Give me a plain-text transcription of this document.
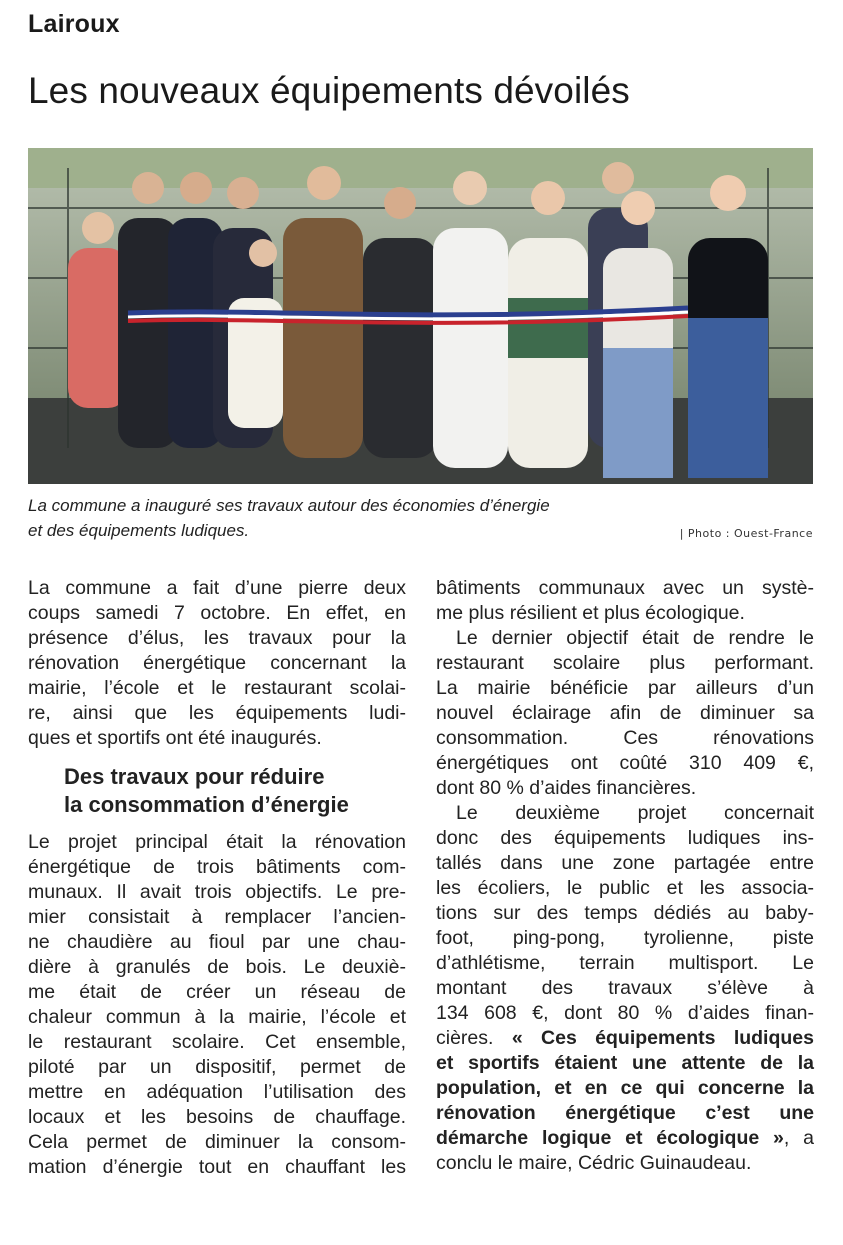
Lairoux
Les nouveaux équipements dévoilés
La commune a inauguré ses travaux autour des économies d’énergie
et des équipements ludiques.	| Photo : Ouest-France

La commune a fait d’une pierre deux
coups samedi 7 octobre. En effet, en
présence d’élus, les travaux pour la
rénovation énergétique concernant la
mairie, l’école et le restaurant scolai-
re, ainsi que les équipements ludi-
ques et sportifs ont été inaugurés.

Des travaux pour réduire
la consommation d’énergie

Le projet principal était la rénovation
énergétique de trois bâtiments com-
munaux. Il avait trois objectifs. Le pre-
mier consistait à remplacer l’ancien-
ne chaudière au fioul par une chau-
dière à granulés de bois. Le deuxiè-
me était de créer un réseau de
chaleur commun à la mairie, l’école et
le restaurant scolaire. Cet ensemble,
piloté par un dispositif, permet de
mettre en adéquation l’utilisation des
locaux et les besoins de chauffage.
Cela permet de diminuer la consom-
mation d’énergie tout en chauffant les

bâtiments communaux avec un systè-
me plus résilient et plus écologique.

Le dernier objectif était de rendre le
restaurant scolaire plus performant.
La mairie bénéficie par ailleurs d’un
nouvel éclairage afin de diminuer sa
consommation. Ces rénovations
énergétiques ont coûté 310 409 €,
dont 80 % d’aides financières.

Le deuxième projet concernait
donc des équipements ludiques ins-
tallés dans une zone partagée entre
les écoliers, le public et les associa-
tions sur des temps dédiés au baby-
foot, ping-pong, tyrolienne, piste
d’athlétisme, terrain multisport. Le
montant des travaux s’élève à
134 608 €, dont 80 % d’aides finan-
cières. « Ces équipements ludiques
et sportifs étaient une attente de la
population, et en ce qui concerne la
rénovation énergétique c’est une
démarche logique et écologique », a
conclu le maire, Cédric Guinaudeau.
